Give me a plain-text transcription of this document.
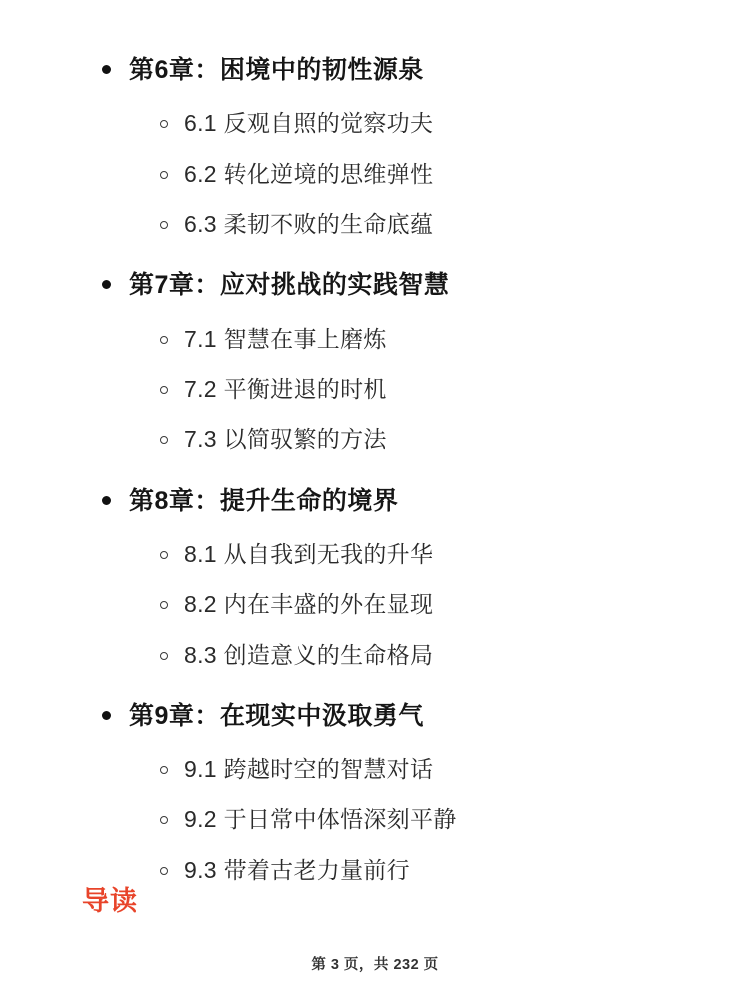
第6章：困境中的韧性源泉
6.1 反观自照的觉察功夫
6.2 转化逆境的思维弹性
6.3 柔韧不败的生命底蕴
第7章：应对挑战的实践智慧
7.1 智慧在事上磨炼
7.2 平衡进退的时机
7.3 以简驭繁的方法
第8章：提升生命的境界
8.1 从自我到无我的升华
8.2 内在丰盛的外在显现
8.3 创造意义的生命格局
第9章：在现实中汲取勇气
9.1 跨越时空的智慧对话
9.2 于日常中体悟深刻平静
9.3 带着古老力量前行
导读
第 3 页，共 232 页
